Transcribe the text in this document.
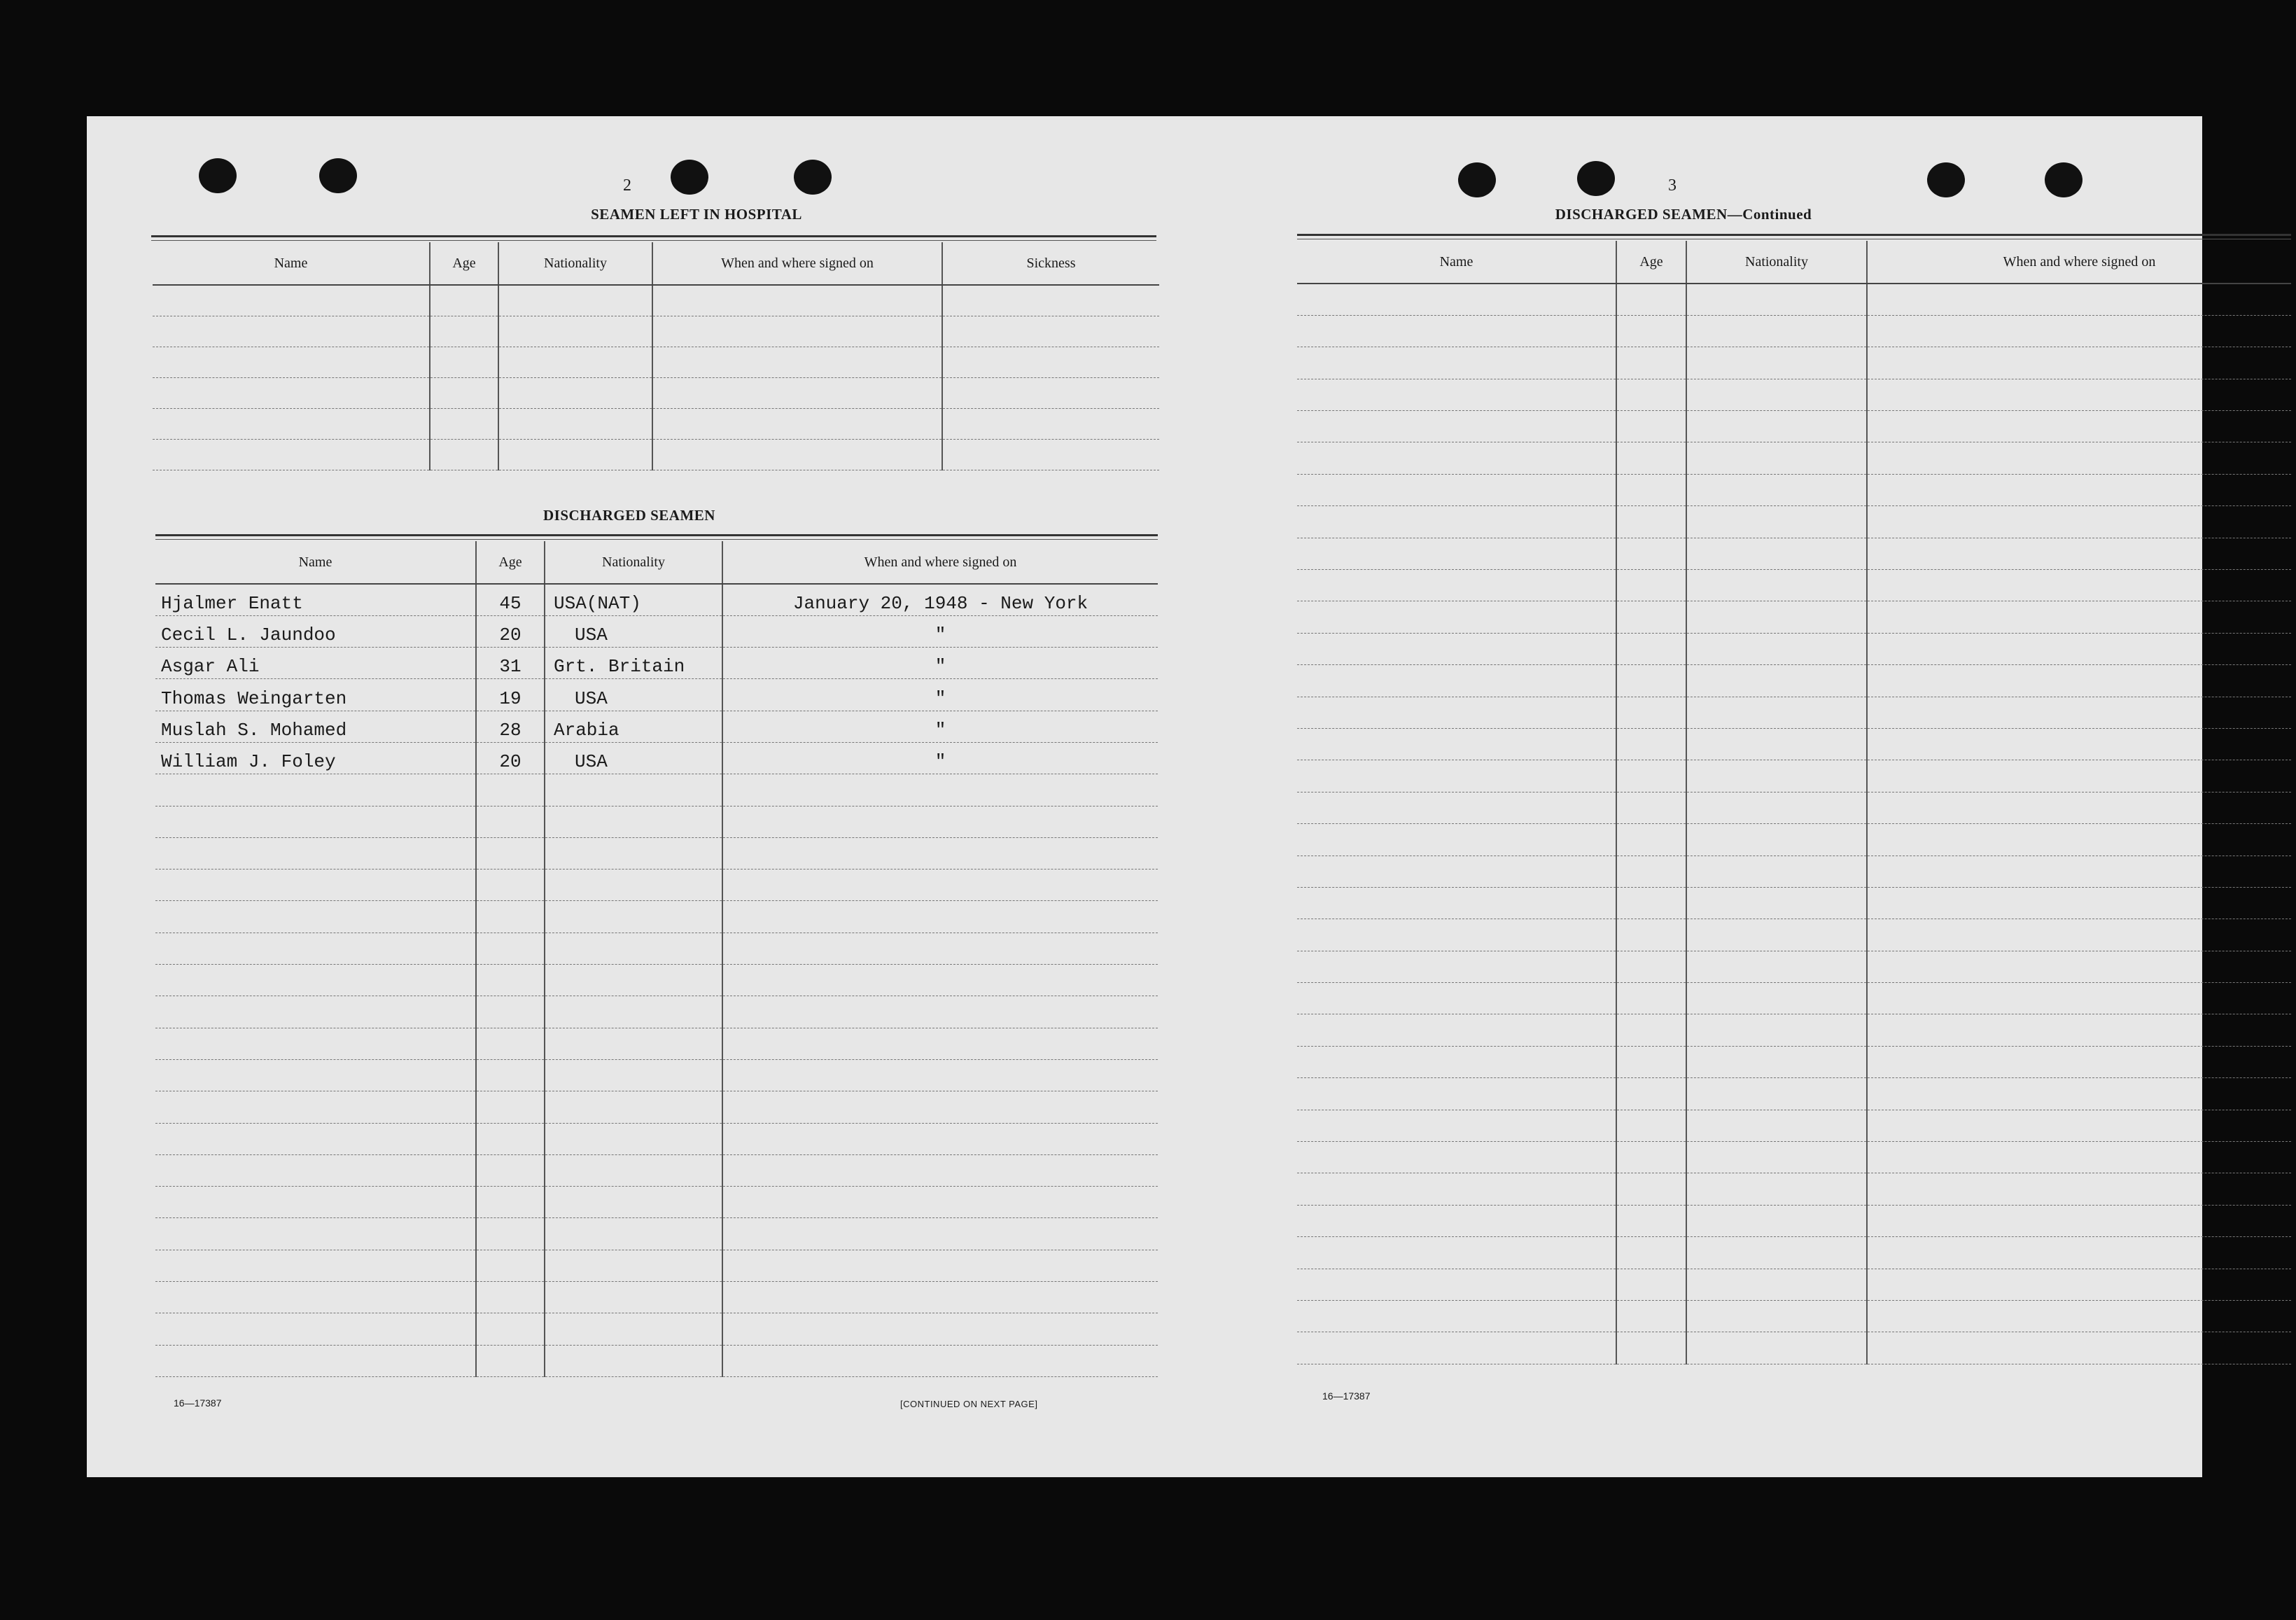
2
SEAMEN LEFT IN HOSPITAL
Name	Age	Nationality	When and where signed on	Sickness

DISCHARGED SEAMEN
Name	Age	Nationality	When and where signed on
Hjalmer Enatt	45	USA(NAT)	January 20, 1948 - New York
Cecil L. Jaundoo	20	USA	"
Asgar Ali	31	Grt. Britain	"
Thomas Weingarten	19	USA	"
Muslah S. Mohamed	28	Arabia	"
William J. Foley	20	USA	"

16—17387	[CONTINUED ON NEXT PAGE]
3
DISCHARGED SEAMEN—Continued
Name	Age	Nationality	When and where signed on

16—17387
